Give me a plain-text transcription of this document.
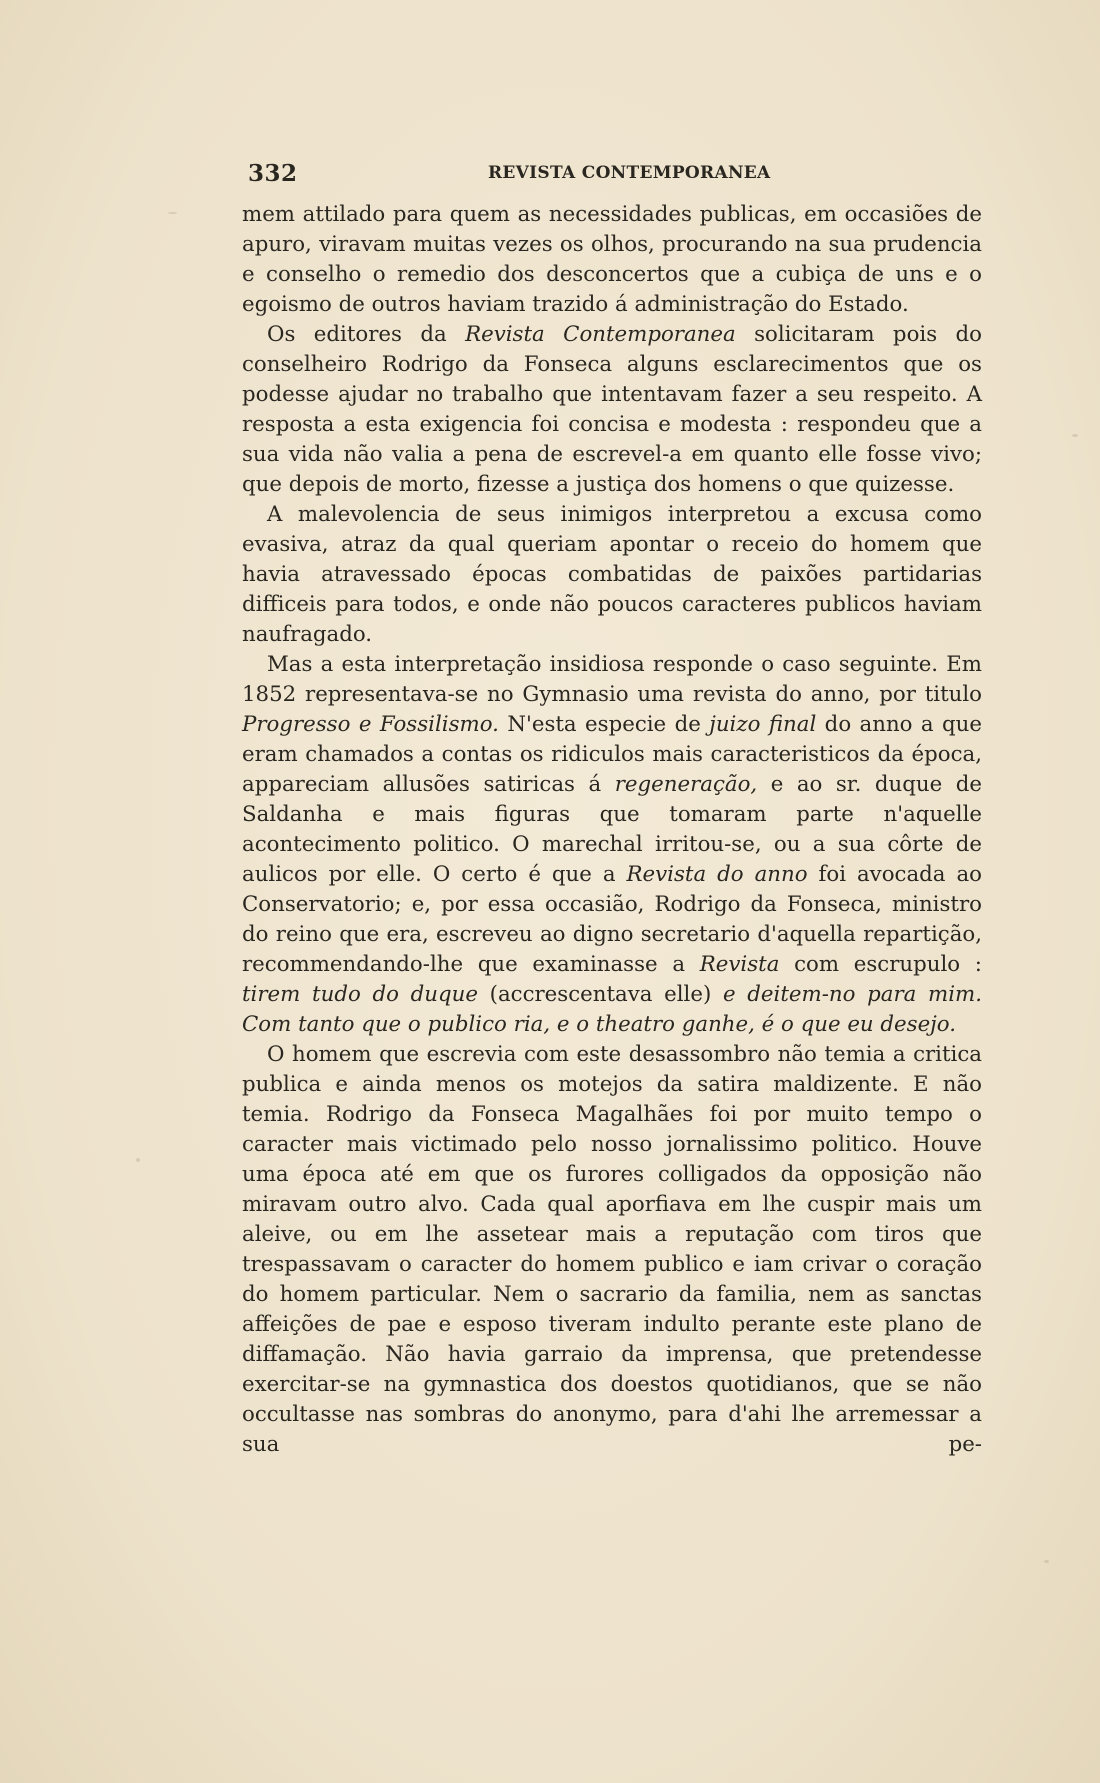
332	REVISTA CONTEMPORANEA

mem attilado para quem as necessidades publicas, em occasiões de apuro, viravam muitas vezes os olhos, procurando na sua prudencia e conselho o remedio dos desconcertos que a cubiça de uns e o egoismo de outros haviam trazido á administração do Estado.

Os editores da Revista Contemporanea solicitaram pois do conselheiro Rodrigo da Fonseca alguns esclarecimentos que os podesse ajudar no trabalho que intentavam fazer a seu respeito. A resposta a esta exigencia foi concisa e modesta : respondeu que a sua vida não valia a pena de escrevel-a em quanto elle fosse vivo; que depois de morto, fizesse a justiça dos homens o que quizesse.

A malevolencia de seus inimigos interpretou a excusa como evasiva, atraz da qual queriam apontar o receio do homem que havia atravessado épocas combatidas de paixões partidarias difficeis para todos, e onde não poucos caracteres publicos haviam naufragado.

Mas a esta interpretação insidiosa responde o caso seguinte. Em 1852 representava-se no Gymnasio uma revista do anno, por titulo Progresso e Fossilismo. N'esta especie de juizo final do anno a que eram chamados a contas os ridiculos mais caracteristicos da época, appareciam allusões satiricas á regeneração, e ao sr. duque de Saldanha e mais figuras que tomaram parte n'aquelle acontecimento politico. O marechal irritou-se, ou a sua côrte de aulicos por elle. O certo é que a Revista do anno foi avocada ao Conservatorio; e, por essa occasião, Rodrigo da Fonseca, ministro do reino que era, escreveu ao digno secretario d'aquella repartição, recommendando-lhe que examinasse a Revista com escrupulo : tirem tudo do duque (accrescentava elle) e deitem-no para mim. Com tanto que o publico ria, e o theatro ganhe, é o que eu desejo.

O homem que escrevia com este desassombro não temia a critica publica e ainda menos os motejos da satira maldizente. E não temia. Rodrigo da Fonseca Magalhães foi por muito tempo o caracter mais victimado pelo nosso jornalissimo politico. Houve uma época até em que os furores colligados da opposição não miravam outro alvo. Cada qual aporfiava em lhe cuspir mais um aleive, ou em lhe assetear mais a reputação com tiros que trespassavam o caracter do homem publico e iam crivar o coração do homem particular. Nem o sacrario da familia, nem as sanctas affeições de pae e esposo tiveram indulto perante este plano de diffamação. Não havia garraio da imprensa, que pretendesse exercitar-se na gymnastica dos doestos quotidianos, que se não occultasse nas sombras do anonymo, para d'ahi lhe arremessar a sua pe-
